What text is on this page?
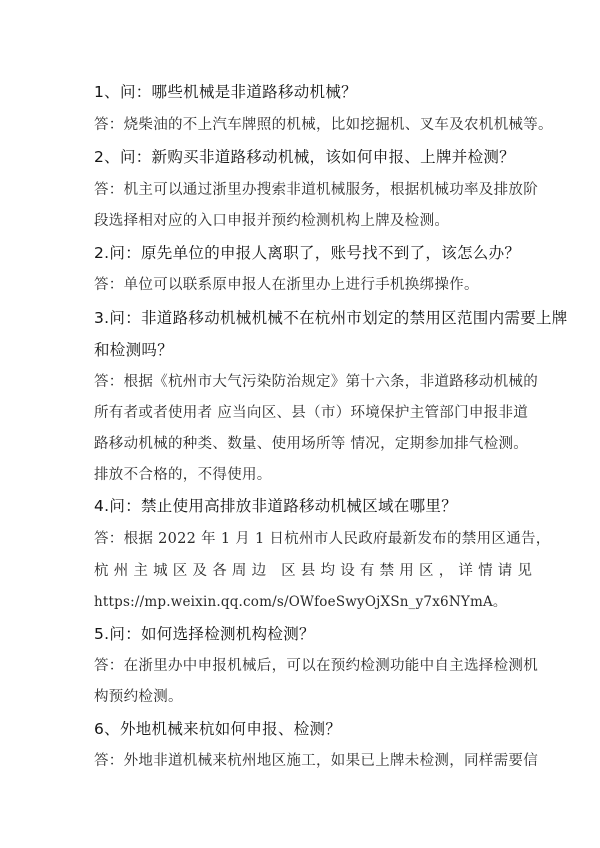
1、问：哪些机械是非道路移动机械？
答：烧柴油的不上汽车牌照的机械，比如挖掘机、叉车及农机机械等。
2、问：新购买非道路移动机械，该如何申报、上牌并检测？
答：机主可以通过浙里办搜索非道机械服务，根据机械功率及排放阶
段选择相对应的入口申报并预约检测机构上牌及检测。
2.问：原先单位的申报人离职了，账号找不到了，该怎么办？
答：单位可以联系原申报人在浙里办上进行手机换绑操作。
3.问：非道路移动机械机械不在杭州市划定的禁用区范围内需要上牌
和检测吗？
答：根据《杭州市大气污染防治规定》第十六条，非道路移动机械的
所有者或者使用者 应当向区、县（市）环境保护主管部门申报非道
路移动机械的种类、数量、使用场所等 情况，定期参加排气检测。
排放不合格的，不得使用。
4.问：禁止使用高排放非道路移动机械区域在哪里？
答：根据 2022 年 1 月 1 日杭州市人民政府最新发布的禁用区通告，
杭州主城区及各周边 区县均设有禁用区，详情请见
https://mp.weixin.qq.com/s/OWfoeSwyOjXSn_y7x6NYmA。
5.问：如何选择检测机构检测？
答：在浙里办中申报机械后，可以在预约检测功能中自主选择检测机
构预约检测。
6、外地机械来杭如何申报、检测？
答：外地非道机械来杭州地区施工，如果已上牌未检测，同样需要信
